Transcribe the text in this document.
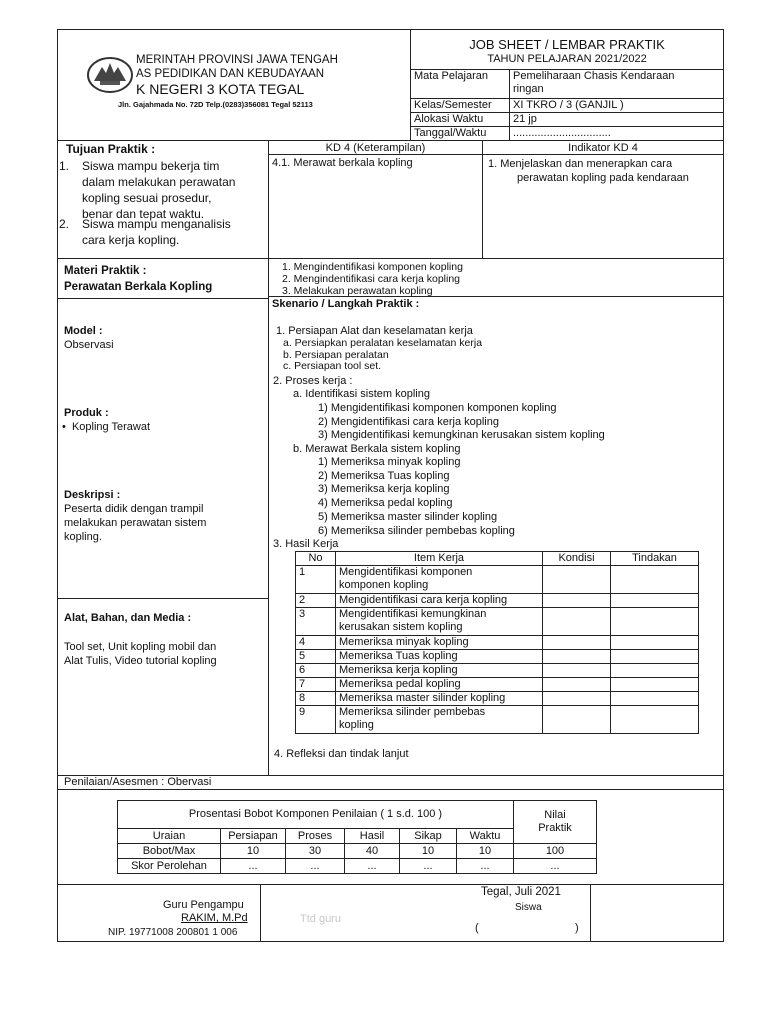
MERINTAH PROVINSI JAWA TENGAH
AS PEDIDIKAN DAN KEBUDAYAAN
K NEGERI 3 KOTA TEGAL
Jln. Gajahmada No. 72D Telp.(0283)356081 Tegal 52113
JOB SHEET / LEMBAR PRAKTIK
TAHUN PELAJARAN 2021/2022
Mata Pelajaran	Pemeliharaan Chasis Kendaraan
ringan
Kelas/Semester	XI TKRO / 3 (GANJIL )
Alokasi Waktu	21 jp
Tanggal/Waktu	................................
Tujuan Praktik :
1. Siswa mampu bekerja tim
dalam melakukan perawatan
kopling sesuai prosedur,
benar dan tepat waktu.
2. Siswa mampu menganalisis
cara kerja kopling.
KD 4 (Keterampilan)	Indikator KD 4
4.1. Merawat berkala kopling	1. Menjelaskan dan menerapkan cara
perawatan kopling pada kendaraan
Materi Praktik :
Perawatan Berkala Kopling
1. Mengindentifikasi komponen kopling
2. Mengindentifikasi cara kerja kopling
3. Melakukan perawatan kopling
Model :
Observasi
Produk :
•  Kopling Terawat
Deskripsi :
Peserta didik dengan trampil
melakukan perawatan sistem
kopling.
Alat, Bahan, dan Media :
Tool set, Unit kopling mobil dan
Alat Tulis, Video tutorial kopling
Skenario / Langkah Praktik :
1. Persiapan Alat dan keselamatan kerja
a. Persiapkan peralatan keselamatan kerja
b. Persiapan peralatan
c. Persiapan tool set.
2. Proses kerja :
a. Identifikasi sistem kopling
1) Mengidentifikasi komponen komponen kopling
2) Mengidentifikasi cara kerja kopling
3) Mengidentifikasi kemungkinan kerusakan sistem kopling
b. Merawat Berkala sistem kopling
1) Memeriksa minyak kopling
2) Memeriksa Tuas kopling
3) Memeriksa kerja kopling
4) Memeriksa pedal kopling
5) Memeriksa master silinder kopling
6) Memeriksa silinder pembebas kopling
3. Hasil Kerja
No	Item Kerja	Kondisi	Tindakan
1	Mengidentifikasi komponen
komponen kopling		
2	Mengidentifikasi cara kerja kopling		
3	Mengidentifikasi kemungkinan
kerusakan sistem kopling		
4	Memeriksa minyak kopling		
5	Memeriksa Tuas kopling		
6	Memeriksa kerja kopling		
7	Memeriksa pedal kopling		
8	Memeriksa master silinder kopling		
9	Memeriksa silinder pembebas
kopling		
4. Refleksi dan tindak lanjut
Penilaian/Asesmen : Obervasi
Prosentasi Bobot Komponen Penilaian ( 1 s.d. 100 )						Nilai
Praktik
Uraian	Persiapan	Proses	Hasil	Sikap	Waktu	
Bobot/Max	10	30	40	10	10	100
Skor Perolehan	...	...	...	...	...	...
Guru Pengampu
RAKIM, M.Pd
NIP. 19771008 200801 1 006
Ttd guru
Tegal, Juli 2021
Siswa
(	)
